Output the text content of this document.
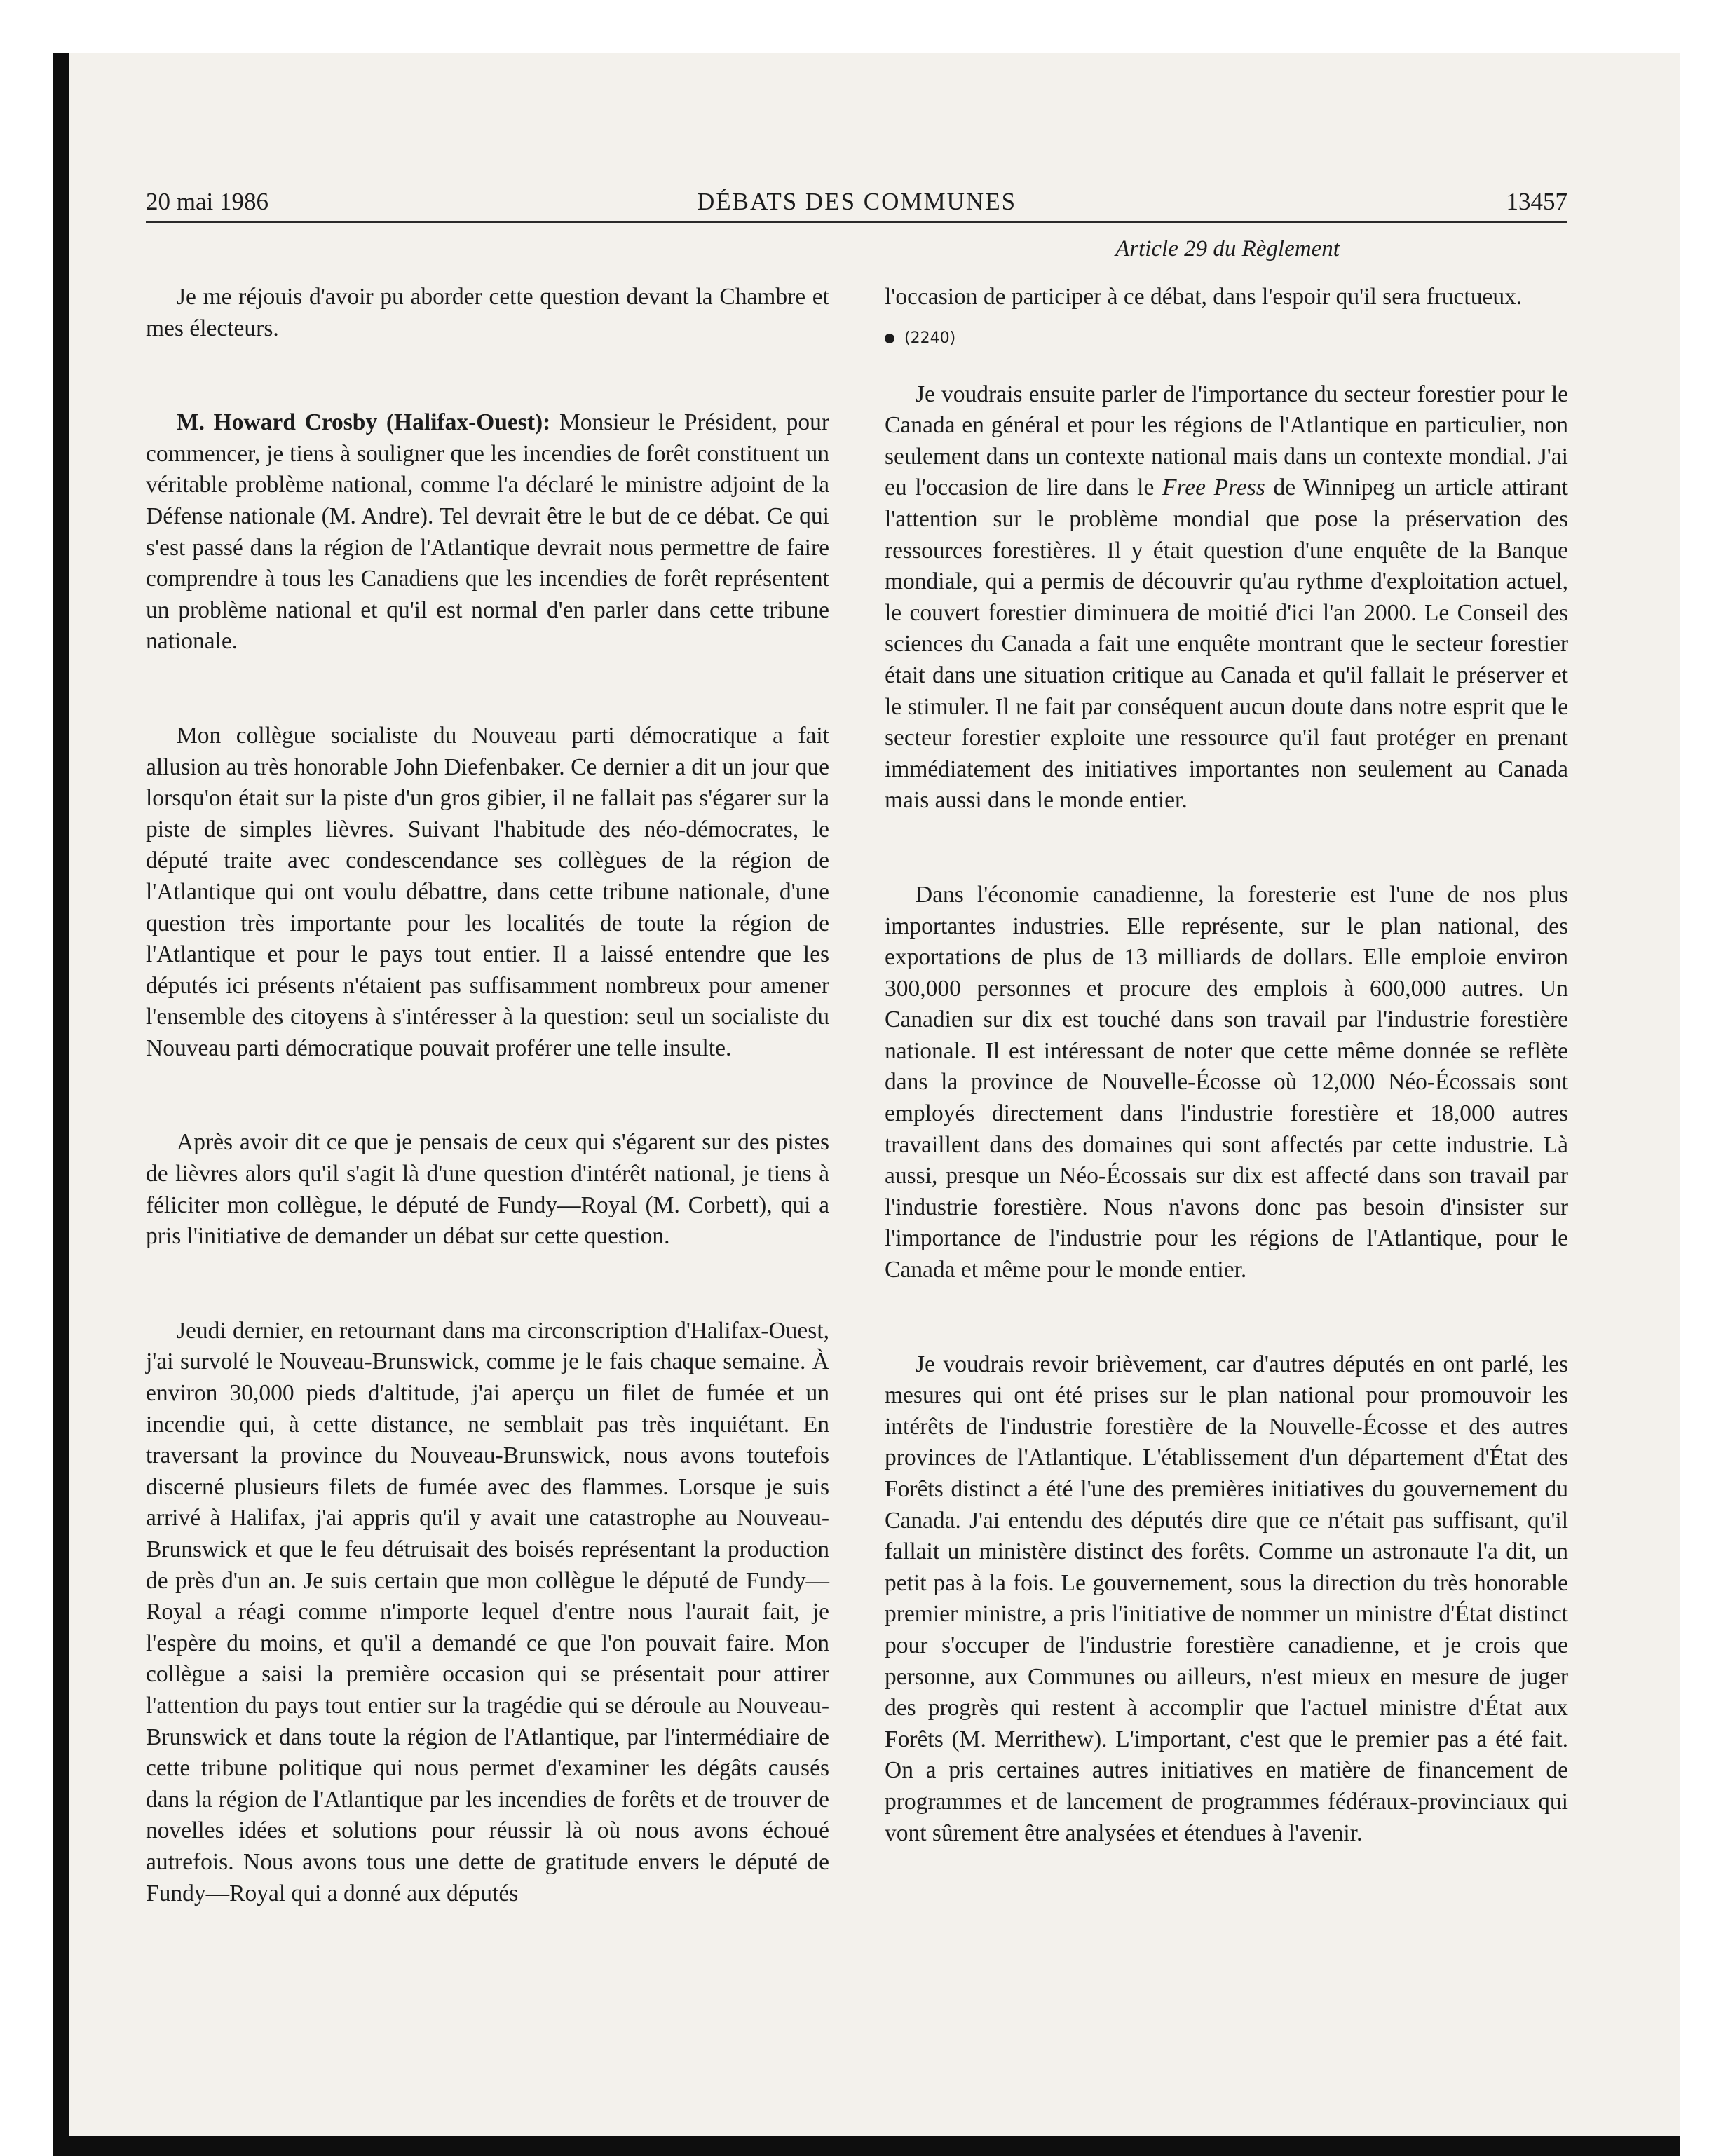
20 mai 1986	DÉBATS DES COMMUNES	13457
Article 29 du Règlement

Je me réjouis d'avoir pu aborder cette question devant la Chambre et mes électeurs.

M. Howard Crosby (Halifax-Ouest): Monsieur le Président, pour commencer, je tiens à souligner que les incendies de forêt constituent un véritable problème national, comme l'a déclaré le ministre adjoint de la Défense nationale (M. Andre). Tel devrait être le but de ce débat. Ce qui s'est passé dans la région de l'Atlantique devrait nous permettre de faire comprendre à tous les Canadiens que les incendies de forêt représentent un problème national et qu'il est normal d'en parler dans cette tribune nationale.

Mon collègue socialiste du Nouveau parti démocratique a fait allusion au très honorable John Diefenbaker. Ce dernier a dit un jour que lorsqu'on était sur la piste d'un gros gibier, il ne fallait pas s'égarer sur la piste de simples lièvres. Suivant l'habitude des néo-démocrates, le député traite avec condescendance ses collègues de la région de l'Atlantique qui ont voulu débattre, dans cette tribune nationale, d'une question très importante pour les localités de toute la région de l'Atlantique et pour le pays tout entier. Il a laissé entendre que les députés ici présents n'étaient pas suffisamment nombreux pour amener l'ensemble des citoyens à s'intéresser à la question: seul un socialiste du Nouveau parti démocratique pouvait proférer une telle insulte.

Après avoir dit ce que je pensais de ceux qui s'égarent sur des pistes de lièvres alors qu'il s'agit là d'une question d'intérêt national, je tiens à féliciter mon collègue, le député de Fundy—Royal (M. Corbett), qui a pris l'initiative de demander un débat sur cette question.

Jeudi dernier, en retournant dans ma circonscription d'Halifax-Ouest, j'ai survolé le Nouveau-Brunswick, comme je le fais chaque semaine. À environ 30,000 pieds d'altitude, j'ai aperçu un filet de fumée et un incendie qui, à cette distance, ne semblait pas très inquiétant. En traversant la province du Nouveau-Brunswick, nous avons toutefois discerné plusieurs filets de fumée avec des flammes. Lorsque je suis arrivé à Halifax, j'ai appris qu'il y avait une catastrophe au Nouveau-Brunswick et que le feu détruisait des boisés représentant la production de près d'un an. Je suis certain que mon collègue le député de Fundy—Royal a réagi comme n'importe lequel d'entre nous l'aurait fait, je l'espère du moins, et qu'il a demandé ce que l'on pouvait faire. Mon collègue a saisi la première occasion qui se présentait pour attirer l'attention du pays tout entier sur la tragédie qui se déroule au Nouveau-Brunswick et dans toute la région de l'Atlantique, par l'intermédiaire de cette tribune politique qui nous permet d'examiner les dégâts causés dans la région de l'Atlantique par les incendies de forêts et de trouver de novelles idées et solutions pour réussir là où nous avons échoué autrefois. Nous avons tous une dette de gratitude envers le député de Fundy—Royal qui a donné aux députés

l'occasion de participer à ce débat, dans l'espoir qu'il sera fructueux.

(2240)

Je voudrais ensuite parler de l'importance du secteur forestier pour le Canada en général et pour les régions de l'Atlantique en particulier, non seulement dans un contexte national mais dans un contexte mondial. J'ai eu l'occasion de lire dans le Free Press de Winnipeg un article attirant l'attention sur le problème mondial que pose la préservation des ressources forestières. Il y était question d'une enquête de la Banque mondiale, qui a permis de découvrir qu'au rythme d'exploitation actuel, le couvert forestier diminuera de moitié d'ici l'an 2000. Le Conseil des sciences du Canada a fait une enquête montrant que le secteur forestier était dans une situation critique au Canada et qu'il fallait le préserver et le stimuler. Il ne fait par conséquent aucun doute dans notre esprit que le secteur forestier exploite une ressource qu'il faut protéger en prenant immédiatement des initiatives importantes non seulement au Canada mais aussi dans le monde entier.

Dans l'économie canadienne, la foresterie est l'une de nos plus importantes industries. Elle représente, sur le plan national, des exportations de plus de 13 milliards de dollars. Elle emploie environ 300,000 personnes et procure des emplois à 600,000 autres. Un Canadien sur dix est touché dans son travail par l'industrie forestière nationale. Il est intéressant de noter que cette même donnée se reflète dans la province de Nouvelle-Écosse où 12,000 Néo-Écossais sont employés directement dans l'industrie forestière et 18,000 autres travaillent dans des domaines qui sont affectés par cette industrie. Là aussi, presque un Néo-Écossais sur dix est affecté dans son travail par l'industrie forestière. Nous n'avons donc pas besoin d'insister sur l'importance de l'industrie pour les régions de l'Atlantique, pour le Canada et même pour le monde entier.

Je voudrais revoir brièvement, car d'autres députés en ont parlé, les mesures qui ont été prises sur le plan national pour promouvoir les intérêts de l'industrie forestière de la Nouvelle-Écosse et des autres provinces de l'Atlantique. L'établissement d'un département d'État des Forêts distinct a été l'une des premières initiatives du gouvernement du Canada. J'ai entendu des députés dire que ce n'était pas suffisant, qu'il fallait un ministère distinct des forêts. Comme un astronaute l'a dit, un petit pas à la fois. Le gouvernement, sous la direction du très honorable premier ministre, a pris l'initiative de nommer un ministre d'État distinct pour s'occuper de l'industrie forestière canadienne, et je crois que personne, aux Communes ou ailleurs, n'est mieux en mesure de juger des progrès qui restent à accomplir que l'actuel ministre d'État aux Forêts (M. Merrithew). L'important, c'est que le premier pas a été fait. On a pris certaines autres initiatives en matière de financement de programmes et de lancement de programmes fédéraux-provinciaux qui vont sûrement être analysées et étendues à l'avenir.
